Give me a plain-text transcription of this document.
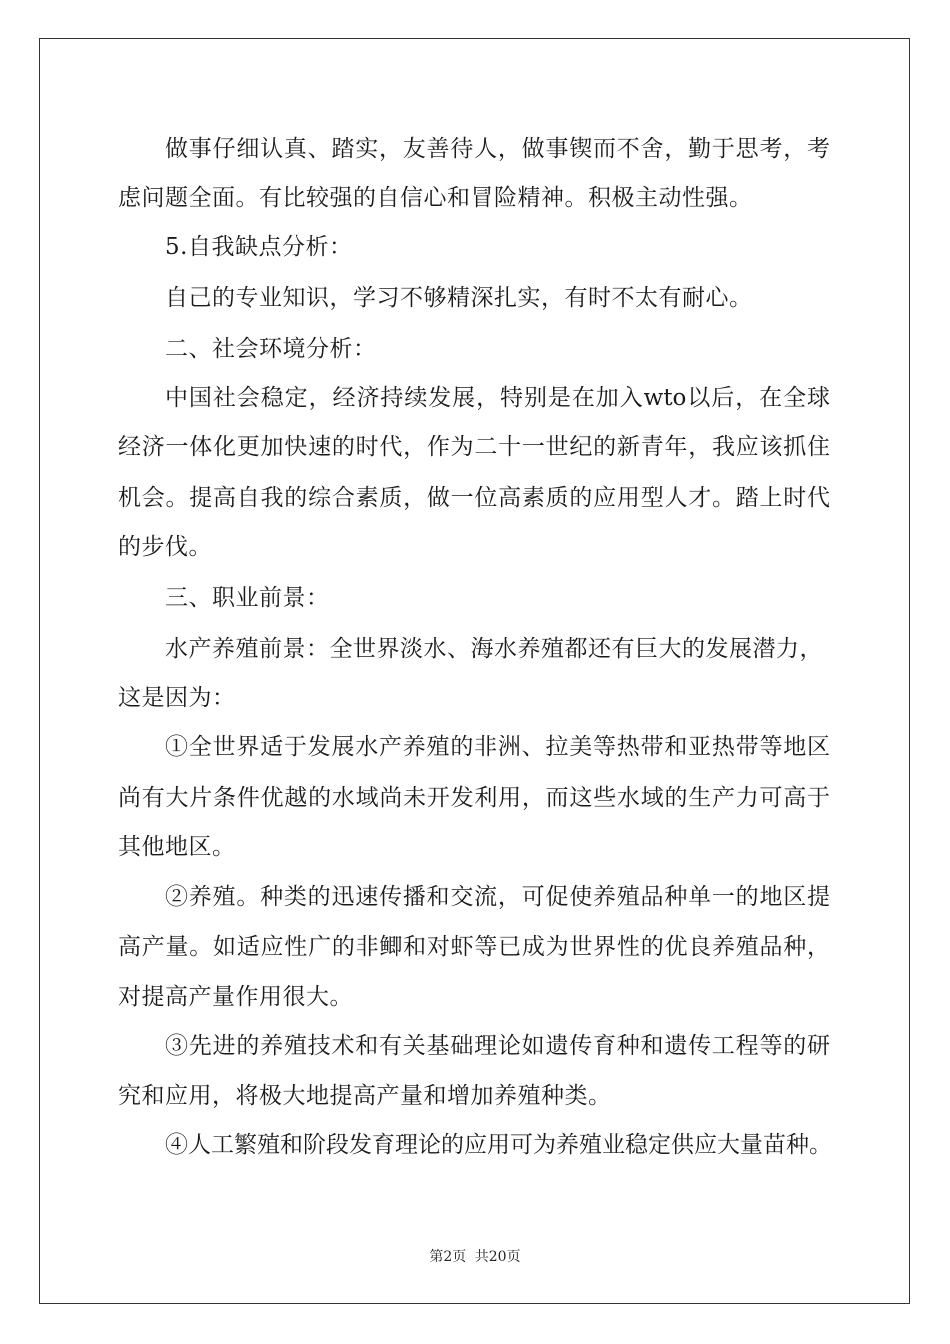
做事仔细认真、踏实，友善待人，做事锲而不舍，勤于思考，考
虑问题全面。有比较强的自信心和冒险精神。积极主动性强。
5.自我缺点分析：
自己的专业知识，学习不够精深扎实，有时不太有耐心。
二、社会环境分析：
中国社会稳定，经济持续发展，特别是在加入wto以后，在全球
经济一体化更加快速的时代，作为二十一世纪的新青年，我应该抓住
机会。提高自我的综合素质，做一位高素质的应用型人才。踏上时代
的步伐。
三、职业前景：
水产养殖前景：全世界淡水、海水养殖都还有巨大的发展潜力，
这是因为：
①全世界适于发展水产养殖的非洲、拉美等热带和亚热带等地区
尚有大片条件优越的水域尚未开发利用，而这些水域的生产力可高于
其他地区。
②养殖。种类的迅速传播和交流，可促使养殖品种单一的地区提
高产量。如适应性广的非鲫和对虾等已成为世界性的优良养殖品种，
对提高产量作用很大。
③先进的养殖技术和有关基础理论如遗传育种和遗传工程等的研
究和应用，将极大地提高产量和增加养殖种类。
④人工繁殖和阶段发育理论的应用可为养殖业稳定供应大量苗种。
第2页 共20页
